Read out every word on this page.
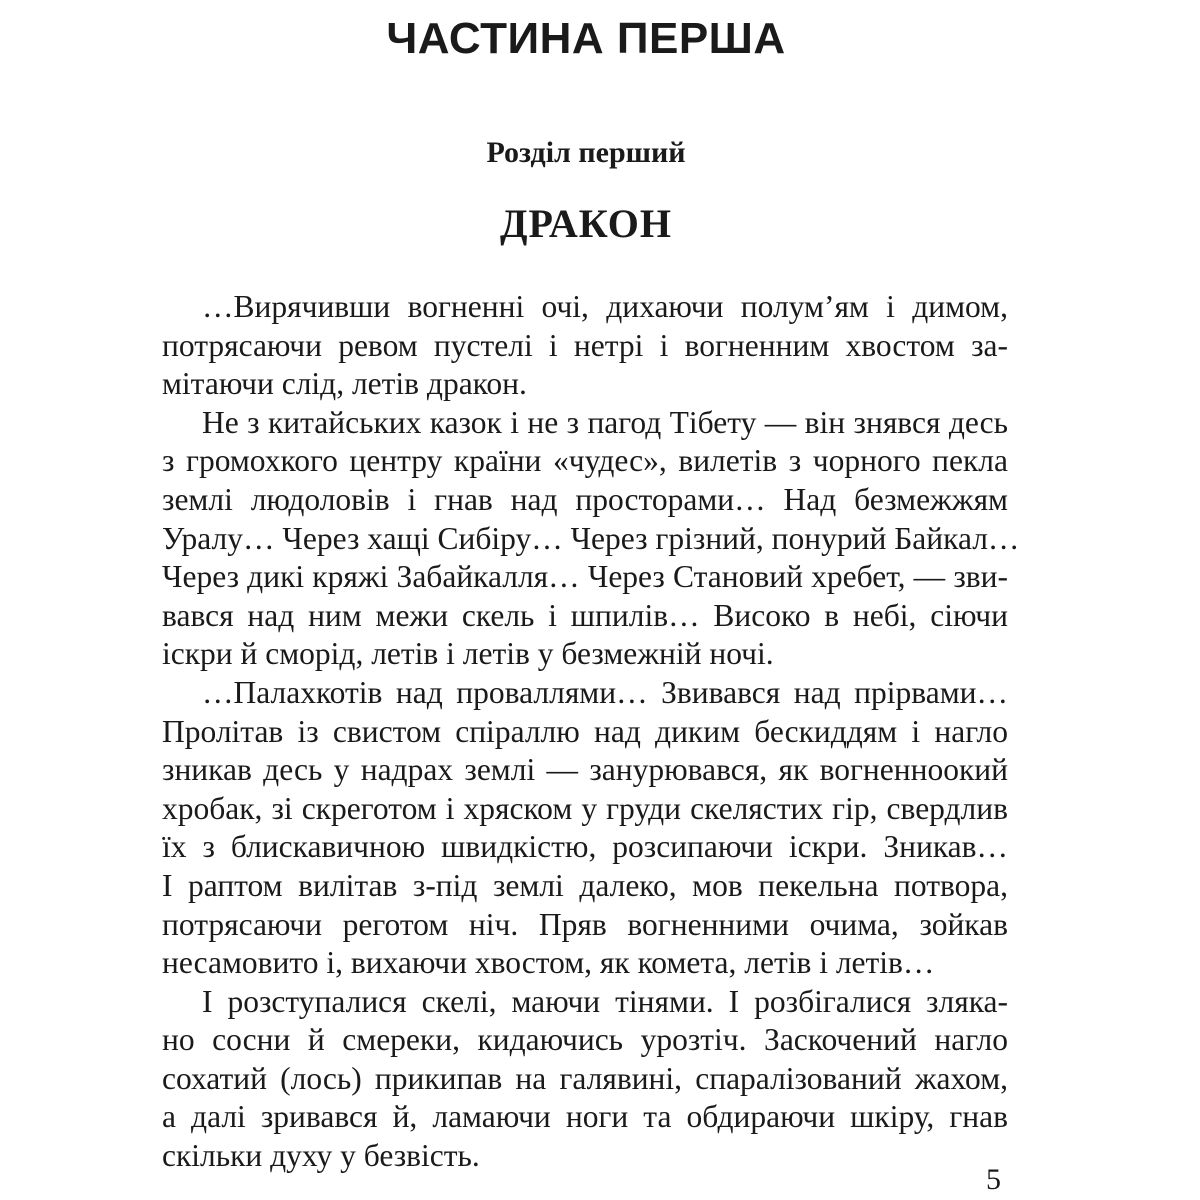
ЧАСТИНА ПЕРША
Розділ перший
ДРАКОН
…Вирячивши вогненні очі, дихаючи полум’ям і димом,
потрясаючи ревом пустелі і нетрі і вогненним хвостом за-
мітаючи слід, летів дракон.
Не з китайських казок і не з пагод Тібету — він знявся десь
з громохкого центру країни «чудес», вилетів з чорного пекла
землі людоловів і гнав над просторами… Над безмежжям
Уралу… Через хащі Сибіру… Через грізний, понурий Байкал…
Через дикі кряжі Забайкалля… Через Становий хребет, — зви-
вався над ним межи скель і шпилів… Високо в небі, сіючи
іскри й сморід, летів і летів у безмежній ночі.
…Палахкотів над проваллями… Звивався над прірвами…
Пролітав із свистом спіраллю над диким бескиддям і нагло
зникав десь у надрах землі — занурювався, як вогненноокий
хробак, зі скреготом і хряском у груди скелястих гір, свердлив
їх з блискавичною швидкістю, розсипаючи іскри. Зникав…
І раптом вилітав з-під землі далеко, мов пекельна потвора,
потрясаючи реготом ніч. Пряв вогненними очима, зойкав
несамовито і, вихаючи хвостом, як комета, летів і летів…
І розступалися скелі, маючи тінями. І розбігалися зляка-
но сосни й смереки, кидаючись урозтіч. Заскочений нагло
сохатий (лось) прикипав на галявині, спаралізований жахом,
а далі зривався й, ламаючи ноги та обдираючи шкіру, гнав
скільки духу у безвість.
5
